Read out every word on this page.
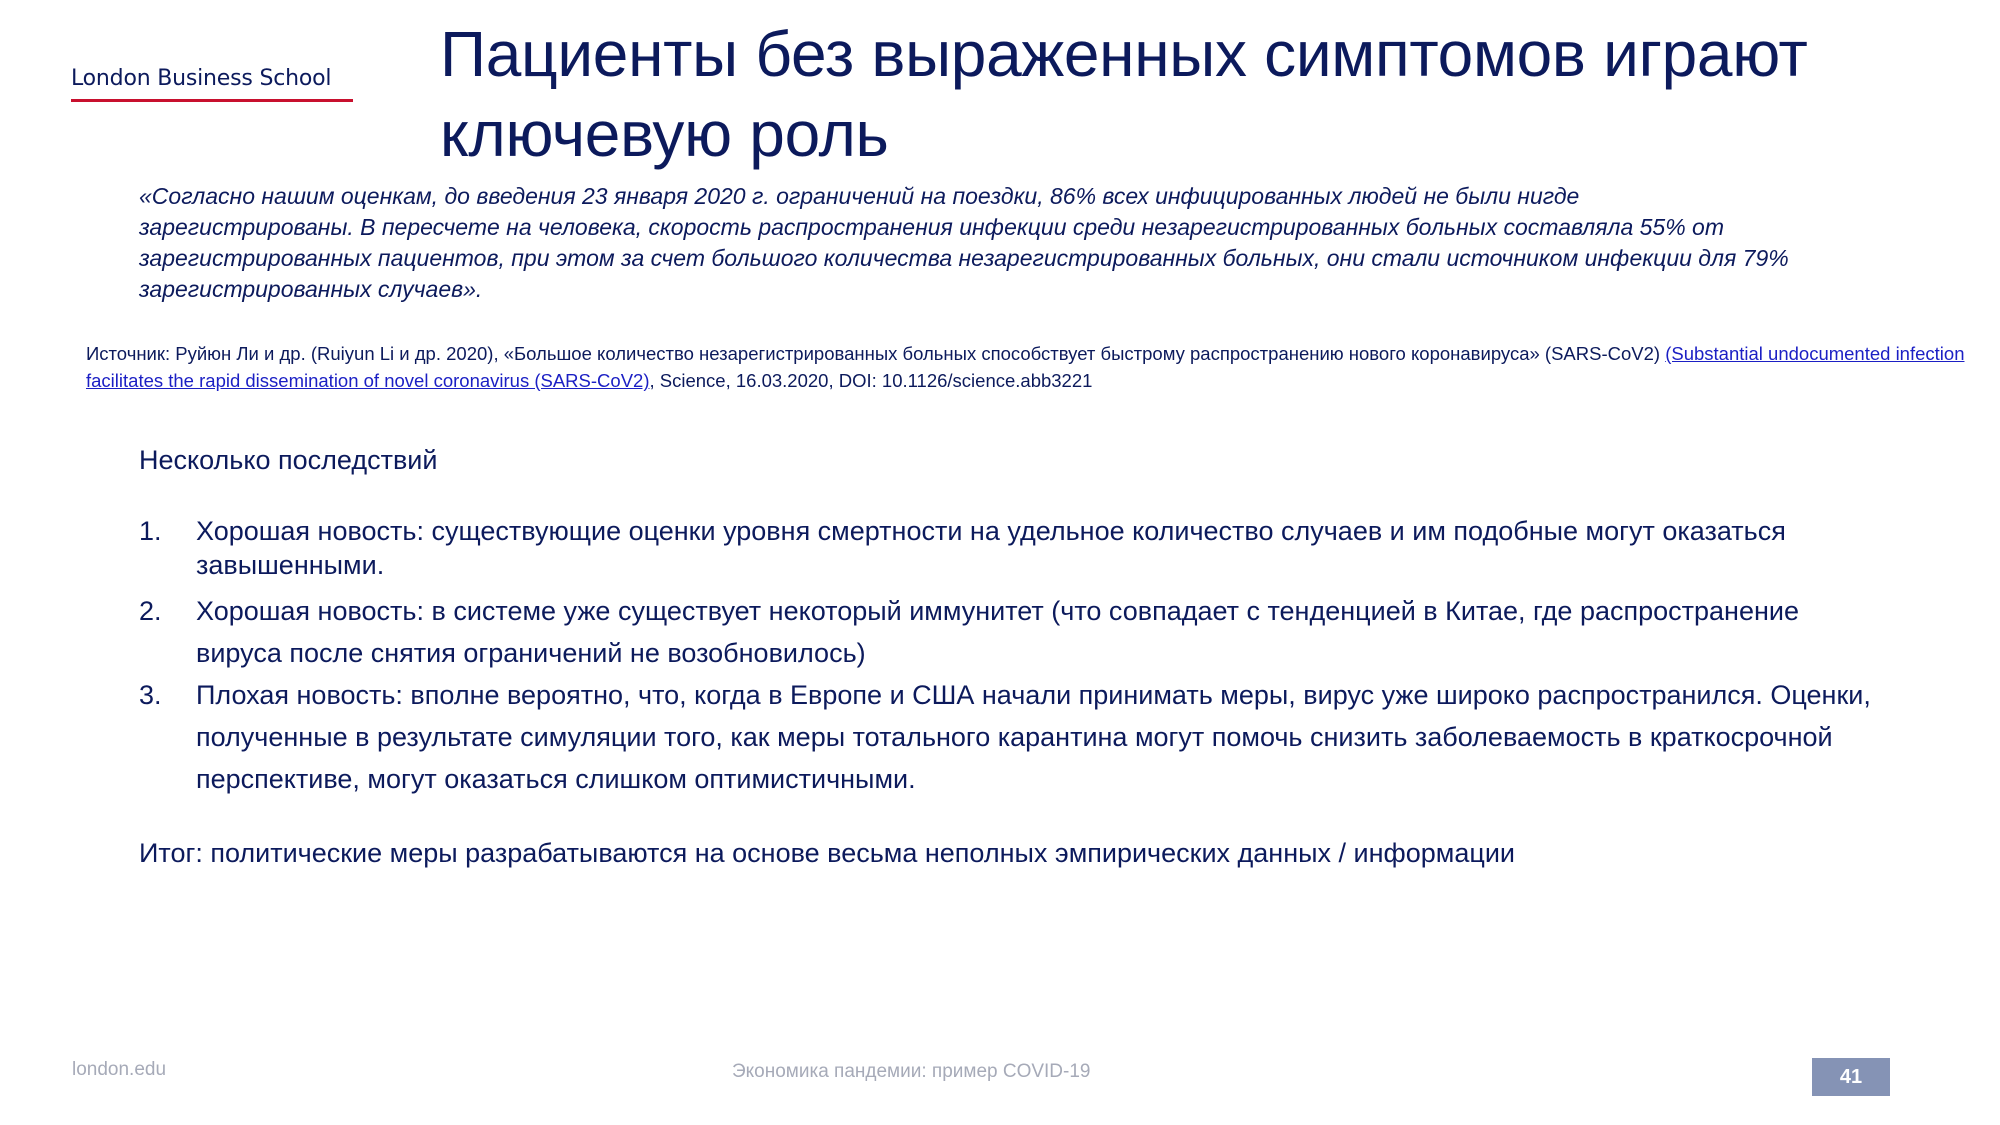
London Business School	Пациенты без выраженных симптомов играют ключевую роль

«Согласно нашим оценкам, до введения 23 января 2020 г. ограничений на поездки, 86% всех инфицированных людей не были нигде зарегистрированы. В пересчете на человека, скорость распространения инфекции среди незарегистрированных больных составляла 55% от зарегистрированных пациентов, при этом за счет большого количества незарегистрированных больных, они стали источником инфекции для 79% зарегистрированных случаев».

Источник: Руйюн Ли и др. (Ruiyun Li и др. 2020), «Большое количество незарегистрированных больных способствует быстрому распространению нового коронавируса» (SARS-CoV2) (Substantial undocumented infection facilitates the rapid dissemination of novel coronavirus (SARS-CoV2), Science, 16.03.2020, DOI: 10.1126/science.abb3221

Несколько последствий

1. Хорошая новость: существующие оценки уровня смертности на удельное количество случаев и им подобные могут оказаться завышенными.
2. Хорошая новость: в системе уже существует некоторый иммунитет (что совпадает с тенденцией в Китае, где распространение вируса после снятия ограничений не возобновилось)
3. Плохая новость: вполне вероятно, что, когда в Европе и США начали принимать меры, вирус уже широко распространился. Оценки, полученные в результате симуляции того, как меры тотального карантина могут помочь снизить заболеваемость в краткосрочной перспективе, могут оказаться слишком оптимистичными.

Итог: политические меры разрабатываются на основе весьма неполных эмпирических данных / информации

london.edu	Экономика пандемии: пример COVID-19	41
